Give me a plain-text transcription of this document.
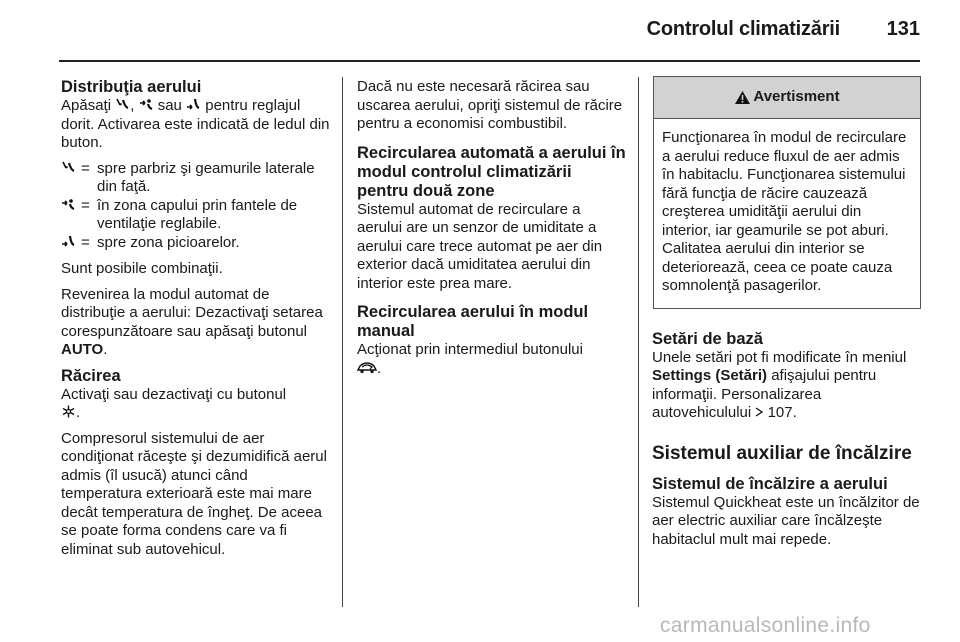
Controlul climatizării 131
Distribuţia aerului

Apăsaţi ,  sau  pentru reglajul dorit. Activarea este indicată de ledul din buton.

= spre parbriz şi geamurile laterale din faţă.
= în zona capului prin fantele de ventilaţie reglabile.
= spre zona picioarelor.

Sunt posibile combinaţii.

Revenirea la modul automat de distribuţie a aerului: Dezactivaţi setarea corespunzătoare sau apăsaţi butonul AUTO.

Răcirea

Activaţi sau dezactivaţi cu butonul
.

Compresorul sistemului de aer condiţionat răceşte şi dezumidifică aerul admis (îl usucă) atunci când temperatura exterioară este mai mare decât temperatura de îngheţ. De aceea se poate forma condens care va fi eliminat sub autovehicul.

Dacă nu este necesară răcirea sau uscarea aerului, opriţi sistemul de răcire pentru a economisi combustibil.

Recircularea automată a aerului în modul controlul climatizării pentru două zone

Sistemul automat de recirculare a aerului are un senzor de umiditate a aerului care trece automat pe aer din exterior dacă umiditatea aerului din interior este prea mare.

Recircularea aerului în modul manual

Acţionat prin intermediul butonului
.

Avertisment
Funcţionarea în modul de recirculare a aerului reduce fluxul de aer admis în habitaclu. Funcţionarea sistemului fără funcţia de răcire cauzează creşterea umidităţii aerului din interior, iar geamurile se pot aburi. Calitatea aerului din interior se deteriorează, ceea ce poate cauza somnolenţă pasagerilor.
Setări de bază

Unele setări pot fi modificate în meniul Settings (Setări) afişajului pentru informaţii. Personalizarea autovehiculului  107.

Sistemul auxiliar de încălzire
Sistemul de încălzire a aerului

Sistemul Quickheat este un încălzitor de aer electric auxiliar care încălzeşte habitaclul mult mai repede.

carmanualsonline.info
